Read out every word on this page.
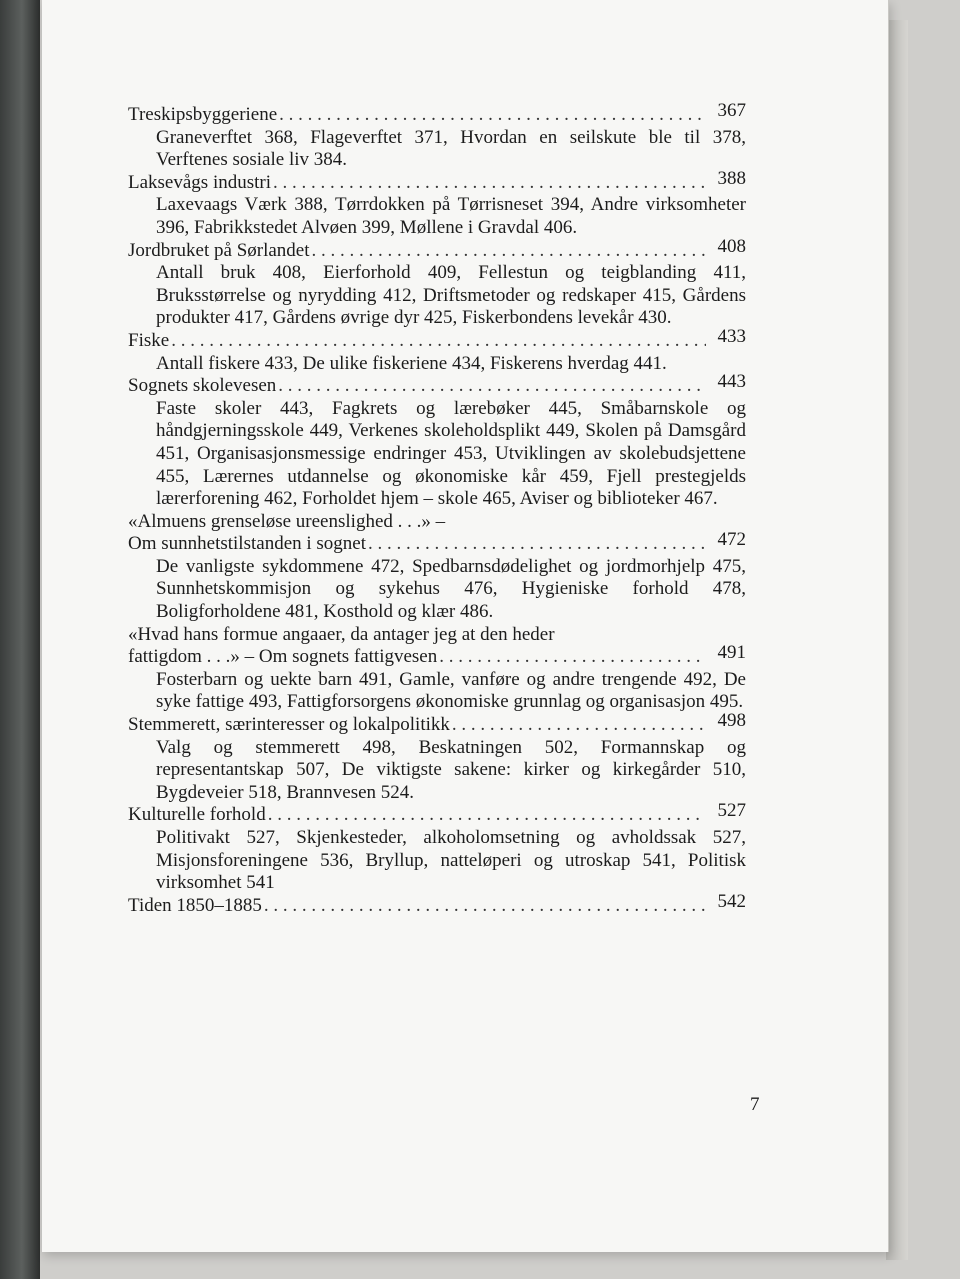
Treskipsbyggeriene . . .	367

Graneverftet 368, Flageverftet 371, Hvordan en seilskute ble til 378, Verftenes sosiale liv 384.

Laksevågs industri . . .	388

Laxevaags Værk 388, Tørrdokken på Tørrisneset 394, Andre virksomheter 396, Fabrikkstedet Alvøen 399, Møllene i Gravdal 406.

Jordbruket på Sørlandet . . .	408

Antall bruk 408, Eierforhold 409, Fellestun og teigblanding 411, Bruksstørrelse og nyrydding 412, Driftsmetoder og redskaper 415, Gårdens produkter 417, Gårdens øvrige dyr 425, Fiskerbondens levekår 430.

Fiske . . .	433

Antall fiskere 433, De ulike fiskeriene 434, Fiskerens hverdag 441.

Sognets skolevesen . . .	443

Faste skoler 443, Fagkrets og lærebøker 445, Småbarnskole og håndgjerningsskole 449, Verkenes skoleholdsplikt 449, Skolen på Damsgård 451, Organisasjonsmessige endringer 453, Utviklingen av skolebudsjettene 455, Lærernes utdannelse og økonomiske kår 459, Fjell prestegjelds lærerforening 462, Forholdet hjem – skole 465, Aviser og biblioteker 467.

«Almuens grenseløse ureenslighed . . .» –
Om sunnhetstilstanden i sognet . . .	472

De vanligste sykdommene 472, Spedbarnsdødelighet og jordmorhjelp 475, Sunnhetskommisjon og sykehus 476, Hygieniske forhold 478, Boligforholdene 481, Kosthold og klær 486.

«Hvad hans formue angaaer, da antager jeg at den heder
fattigdom . . .» – Om sognets fattigvesen . . .	491

Fosterbarn og uekte barn 491, Gamle, vanføre og andre trengende 492, De syke fattige 493, Fattigforsorgens økonomiske grunnlag og organisasjon 495.

Stemmerett, særinteresser og lokalpolitikk . . .	498

Valg og stemmerett 498, Beskatningen 502, Formannskap og representantskap 507, De viktigste sakene: kirker og kirkegårder 510, Bygdeveier 518, Brannvesen 524.

Kulturelle forhold . . .	527

Politivakt 527, Skjenkesteder, alkoholomsetning og avholdssak 527, Misjonsforeningene 536, Bryllup, natteløperi og utroskap 541, Politisk virksomhet 541

Tiden 1850–1885 . . .	542
7
